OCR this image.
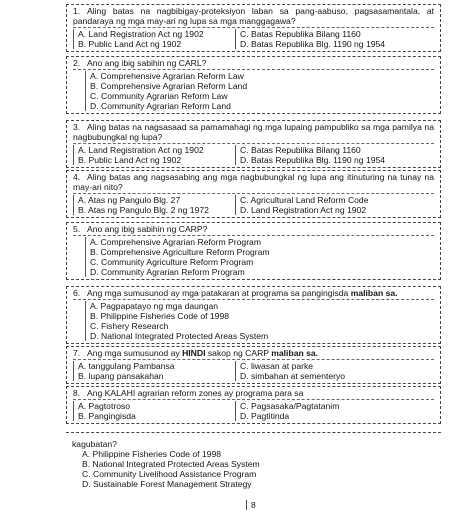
1. Aling batas na nagbibigay-proteksiyon laban sa pang-aabuso, pagsasamantala, at pandaraya ng mga may-ari ng lupa sa mga manggagawa?
A. Land Registration Act ng 1902	C. Batas Republika Bilang 1160
B. Public Land Act ng 1902	D. Batas Republika Blg. 1190 ng 1954
2. Ano ang ibig sabihin ng CARL?
A. Comprehensive Agrarian Reform Law
B. Comprehensive Agrarian Reform Land
C. Community Agrarian Reform Law
D. Community Agrarian Reform Land
3. Aling batas na nagsasaad sa pamamahagi ng mga lupaing pampubliko sa mga pamilya na nagbubungkal ng lupa?
A. Land Registration Act ng 1902	C. Batas Republika Bilang 1160
B. Public Land Act ng 1902	D. Batas Republika Blg. 1190 ng 1954
4. Aling batas ang nagsasabing ang mga nagbubungkal ng lupa ang itinuturing na tunay na may-ari nito?
A. Atas ng Pangulo Blg. 27	C. Agricultural Land Reform Code
B. Atas ng Pangulo Blg. 2 ng 1972	D. Land Registration Act ng 1902
5. Ano ang ibig sabihin ng CARP?
A. Comprehensive Agrarian Reform Program
B. Comprehensive Agriculture Reform Program
C. Community Agriculture Reform Program
D. Community Agrarian Reform Program
6. Ang mga sumusunod ay mga patakaran at programa sa pangingisda maliban sa.
A. Pagpapatayo ng mga daungan
B. Philippine Fisheries Code of 1998
C. Fishery Research
D. National Integrated Protected Areas System
7. Ang mga sumusunod ay HINDI sakop ng CARP maliban sa.
A. tanggulang Pambansa	C. liwasan at parke
B. lupang pansakahan	D. simbahan at sementeryo
8. Ang KALAHI agrarian reform zones ay programa para sa
A. Pagtotroso	C. Pagsasaka/Pagtatanim
B. Pangingisda	D. Pagtitinda
kagubatan?
A. Philippine Fisheries Code of 1998
B. National Integrated Protected Areas System
C. Community Livelihood Assistance Program
D. Sustainable Forest Management Strategy
8
